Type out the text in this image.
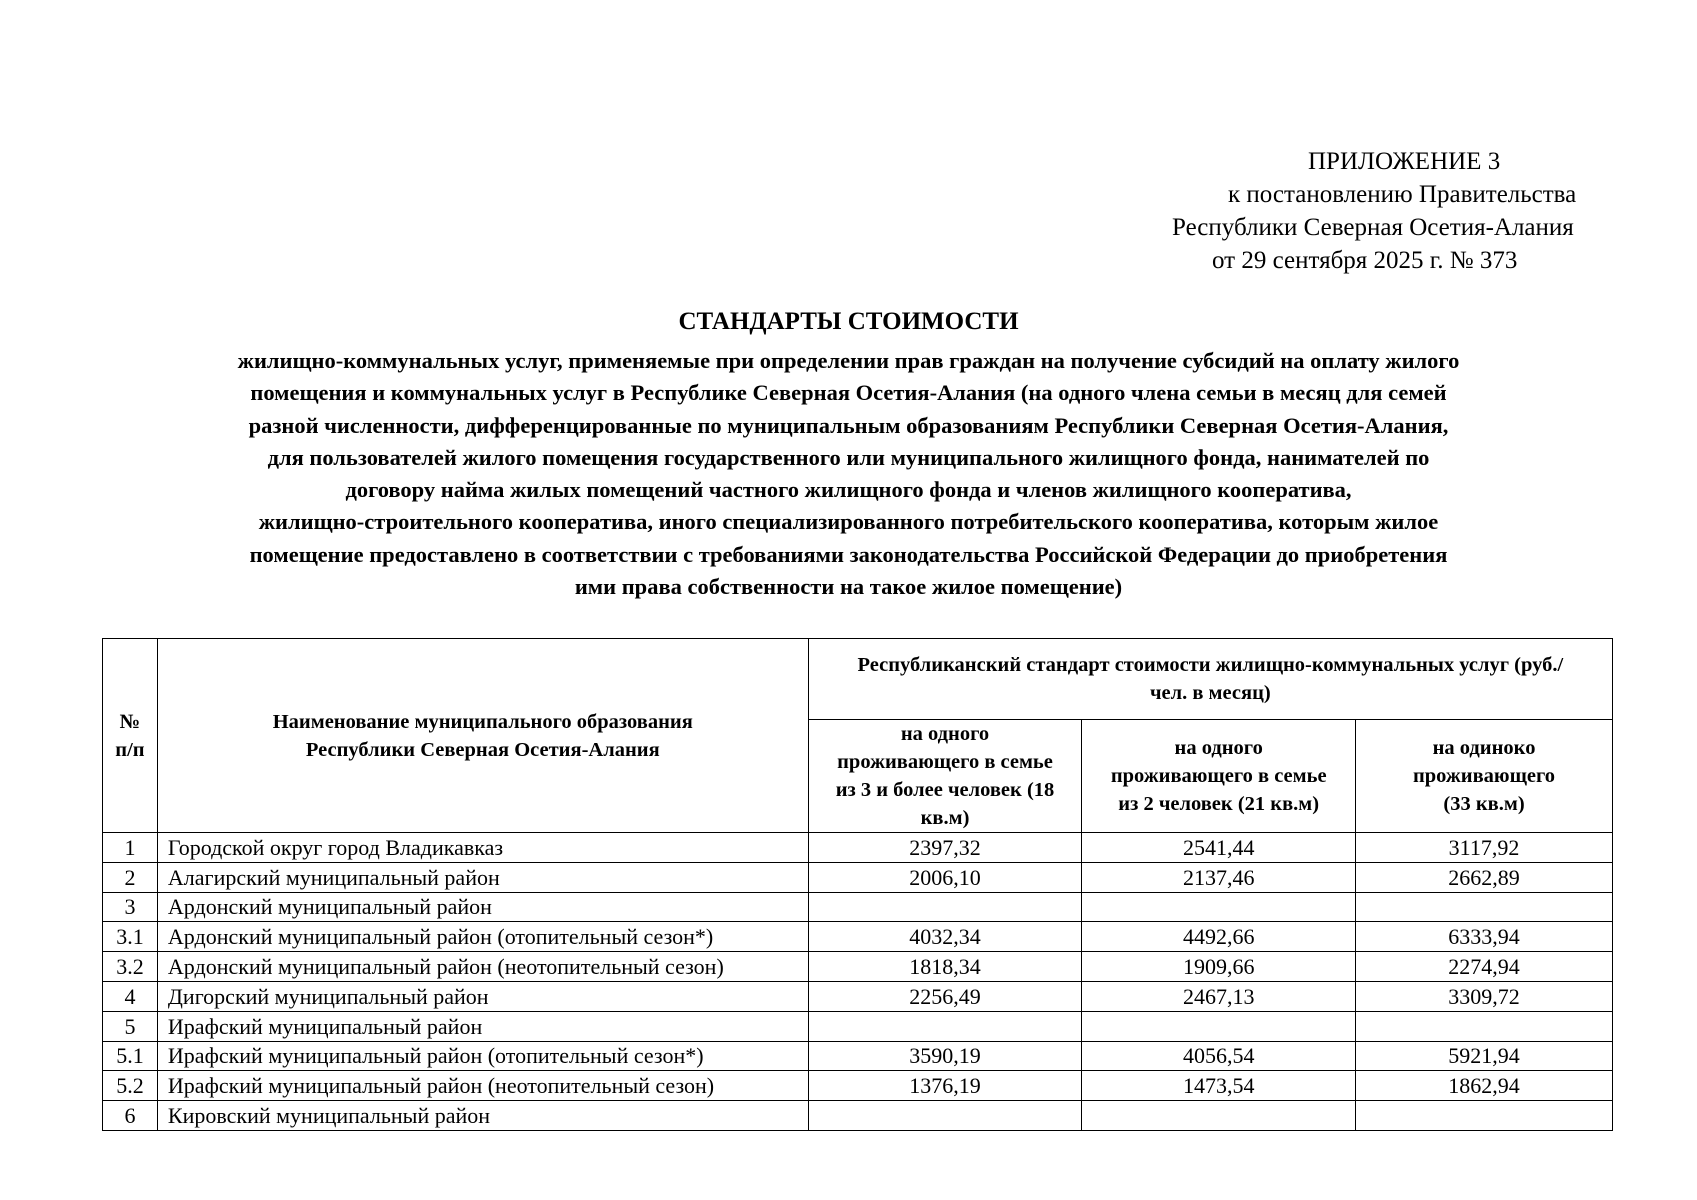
ПРИЛОЖЕНИЕ 3
к постановлению Правительства
Республики Северная Осетия-Алания
от 29 сентября 2025 г. № 373
СТАНДАРТЫ СТОИМОСТИ
жилищно-коммунальных услуг, применяемые при определении прав граждан на получение субсидий на оплату жилого
помещения и коммунальных услуг в Республике Северная Осетия-Алания (на одного члена семьи в месяц для семей
разной численности, дифференцированные по муниципальным образованиям Республики Северная Осетия-Алания,
для пользователей жилого помещения государственного или муниципального жилищного фонда, нанимателей по
договору найма жилых помещений частного жилищного фонда и членов жилищного кооператива,
жилищно-строительного кооператива, иного специализированного потребительского кооператива, которым жилое
помещение предоставлено в соответствии с требованиями законодательства Российской Федерации до приобретения
ими права собственности на такое жилое помещение)
№ п/п	Наименование муниципального образования Республики Северная Осетия-Алания	Республиканский стандарт стоимости жилищно-коммунальных услуг (руб./чел. в месяц)		
		на одного проживающего в семье из 3 и более человек (18 кв.м)	на одного проживающего в семье из 2 человек (21 кв.м)	на одиноко проживающего (33 кв.м)
1	Городской округ город Владикавказ	2397,32	2541,44	3117,92
2	Алагирский муниципальный район	2006,10	2137,46	2662,89
3	Ардонский муниципальный район			
3.1	Ардонский муниципальный район (отопительный сезон*)	4032,34	4492,66	6333,94
3.2	Ардонский муниципальный район (неотопительный сезон)	1818,34	1909,66	2274,94
4	Дигорский муниципальный район	2256,49	2467,13	3309,72
5	Ирафский муниципальный район			
5.1	Ирафский муниципальный район (отопительный сезон*)	3590,19	4056,54	5921,94
5.2	Ирафский муниципальный район (неотопительный сезон)	1376,19	1473,54	1862,94
6	Кировский муниципальный район			
